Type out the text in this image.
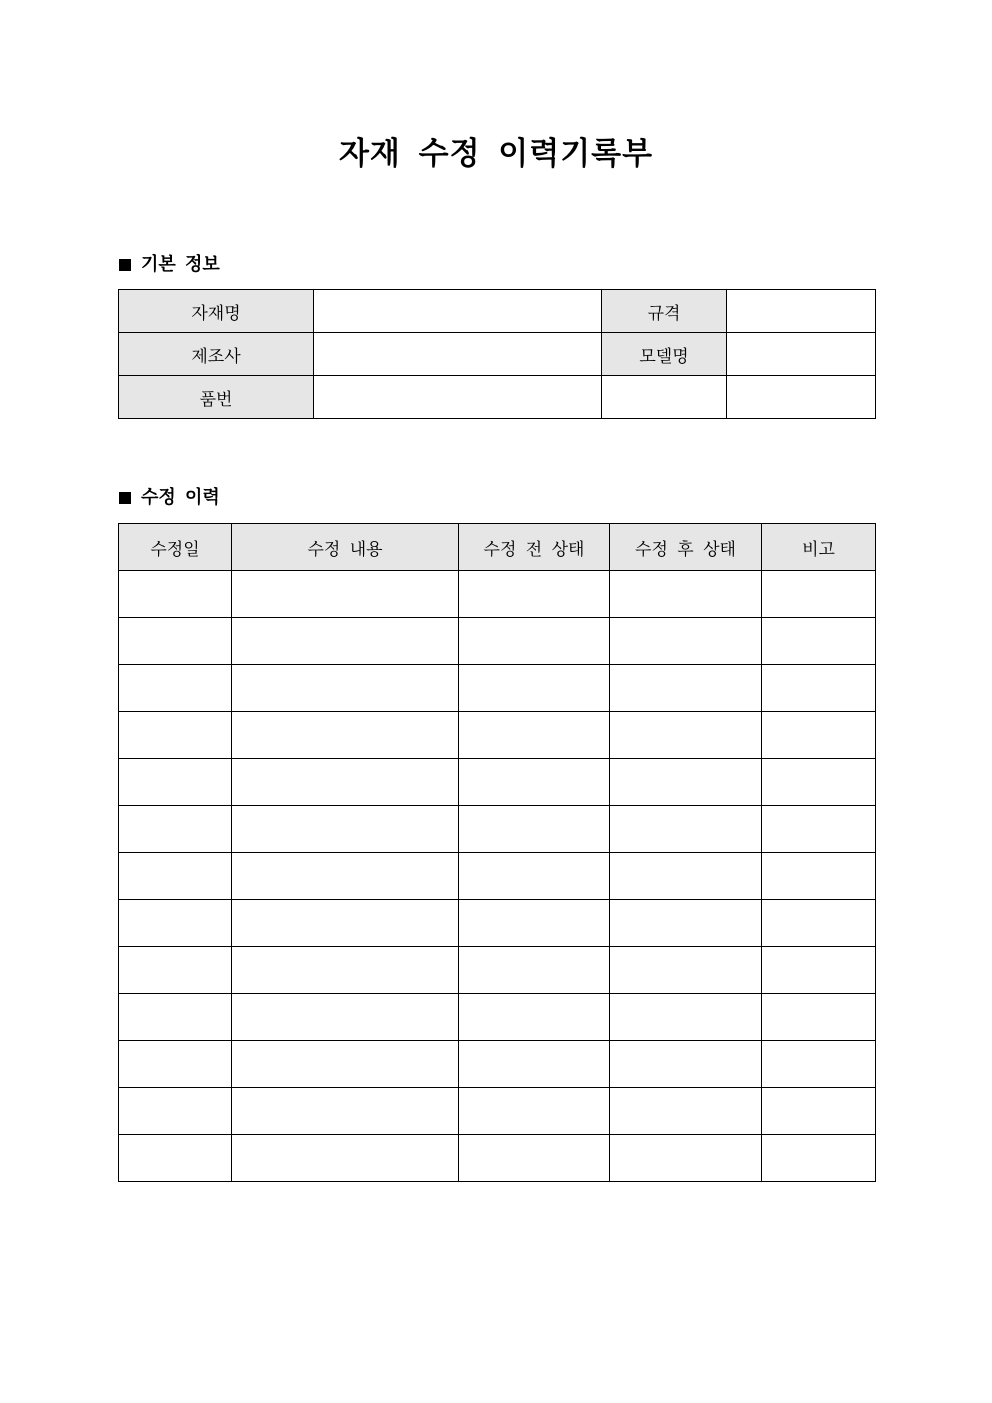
자재 수정 이력기록부
기본 정보
자재명		규격	
제조사		모델명	
품번			
수정 이력
수정일	수정 내용	수정 전 상태	수정 후 상태	비고
